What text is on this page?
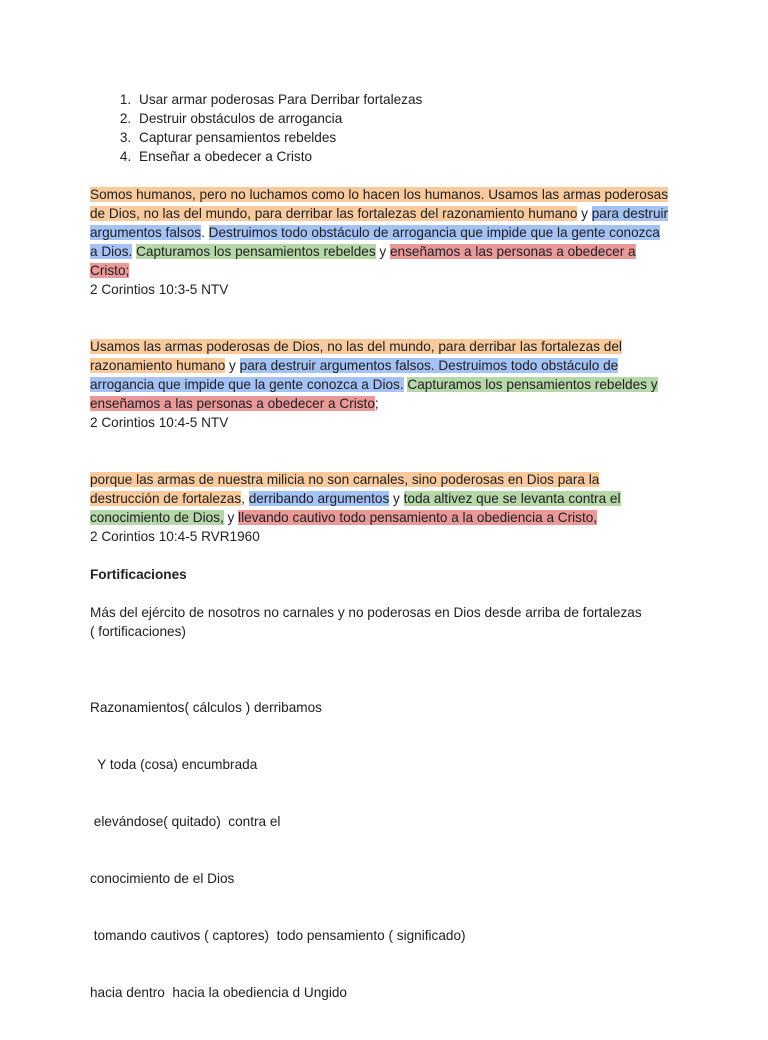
1. Usar armar poderosas Para Derribar fortalezas
2. Destruir obstáculos de arrogancia
3. Capturar pensamientos rebeldes
4. Enseñar a obedecer a Cristo

Somos humanos, pero no luchamos como lo hacen los humanos. Usamos las armas poderosas

de Dios, no las del mundo, para derribar las fortalezas del razonamiento humano y para destruir

argumentos falsos. Destruimos todo obstáculo de arrogancia que impide que la gente conozca

a Dios. Capturamos los pensamientos rebeldes y enseñamos a las personas a obedecer a

Cristo;

2 Corintios 10:3-5 NTV

Usamos las armas poderosas de Dios, no las del mundo, para derribar las fortalezas del

razonamiento humano y para destruir argumentos falsos. Destruimos todo obstáculo de

arrogancia que impide que la gente conozca a Dios. Capturamos los pensamientos rebeldes y

enseñamos a las personas a obedecer a Cristo;

2 Corintios 10:4-5 NTV

porque las armas de nuestra milicia no son carnales, sino poderosas en Dios para la

destrucción de fortalezas, derribando argumentos y toda altivez que se levanta contra el

conocimiento de Dios, y llevando cautivo todo pensamiento a la obediencia a Cristo,

2 Corintios 10:4-5 RVR1960

Fortificaciones

Más del ejército de nosotros no carnales y no poderosas en Dios desde arriba de fortalezas

( fortificaciones)

Razonamientos( cálculos ) derribamos

Y toda (cosa) encumbrada

elevándose( quitado)  contra el

conocimiento de el Dios

tomando cautivos ( captores)  todo pensamiento ( significado)

hacia dentro  hacia la obediencia d Ungido
